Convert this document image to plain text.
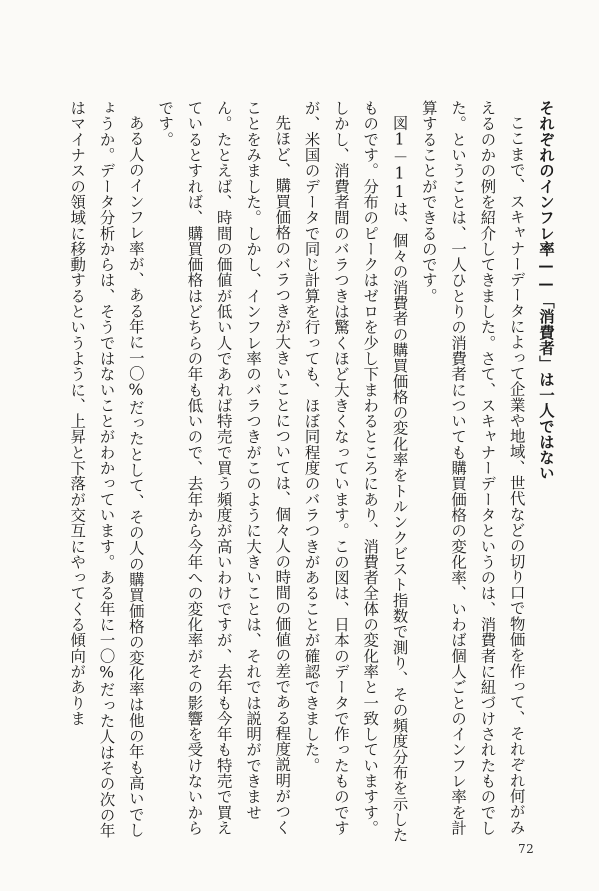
それぞれのインフレ率——「消費者」は一人ではない

ここまで、スキャナーデータによって企業や地域、世代などの切り口で物価を作って、それぞれ何がみえるのかの例を紹介してきました。さて、スキャナーデータというのは、消費者に紐づけされたものでした。ということは、一人ひとりの消費者についても購買価格の変化率、いわば個人ごとのインフレ率を計算することができるのです。

図1－11は、個々の消費者の購買価格の変化率をトルンクビスト指数で測り、その頻度分布を示したものです。分布のピークはゼロを少し下まわるところにあり、消費者全体の変化率と一致していますす。しかし、消費者間のバラつきは驚くほど大きくなっています。この図は、日本のデータで作ったものですが、米国のデータで同じ計算を行っても、ほぼ同程度のバラつきがあることが確認できました。

先ほど、購買価格のバラつきが大きいことについては、個々人の時間の価値の差である程度説明がつくことをみました。しかし、インフレ率のバラつきがこのように大きいことは、それでは説明ができません。たとえば、時間の価値が低い人であれば特売で買う頻度が高いわけですが、去年も今年も特売で買えているとすれば、購買価格はどちらの年も低いので、去年から今年への変化率がその影響を受けないからです。

ある人のインフレ率が、ある年に一〇%だったとして、その人の購買価格の変化率は他の年も高いでしょうか。データ分析からは、そうではないことがわかっています。ある年に一〇%だった人はその次の年はマイナスの領域に移動するというように、上昇と下落が交互にやってくる傾向がありま

72
